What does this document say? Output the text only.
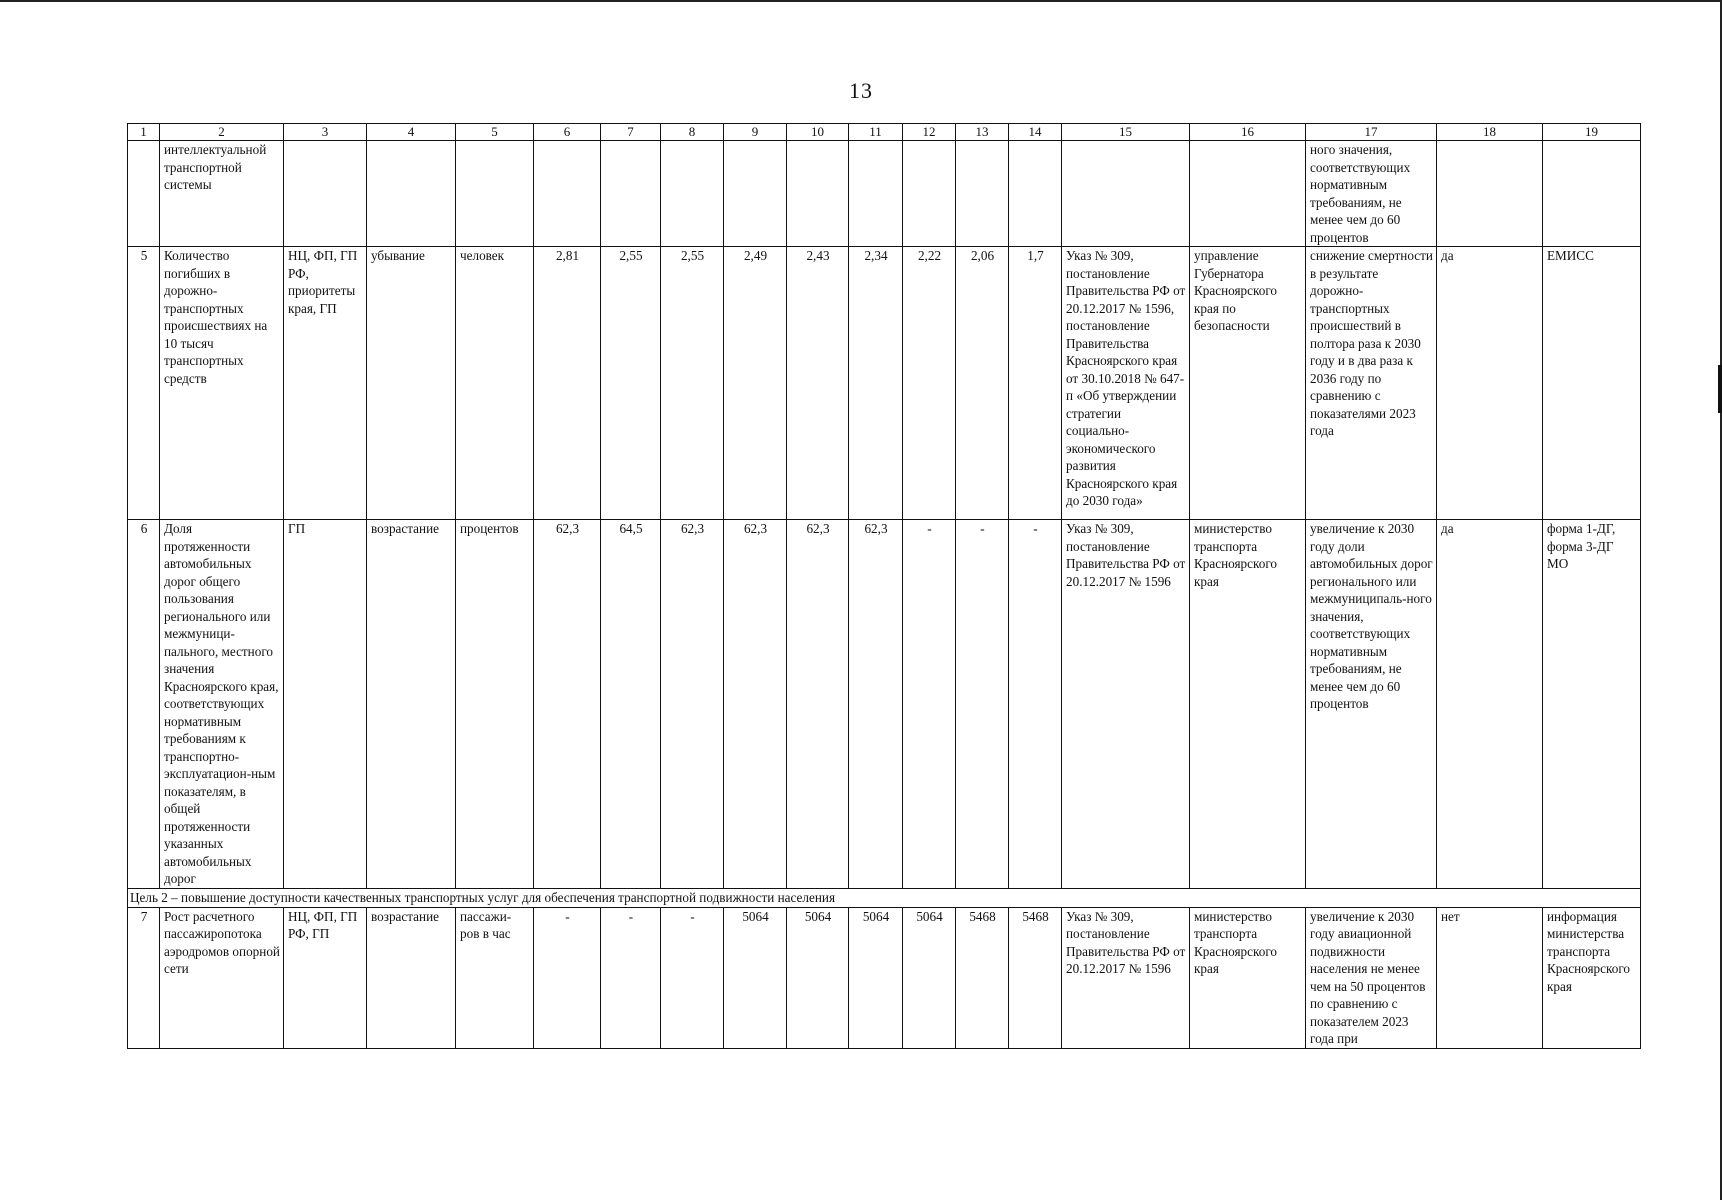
13
1	2	3	4	5	6	7	8	9	10	11	12	13	14	15	16	17	18	19
	интеллектуальной транспортной системы															ного значения, соответствующих нормативным требованиям, не менее чем до 60 процентов		
5	Количество погибших в дорожно-транспортных происшествиях на 10 тысяч транспортных средств	НЦ, ФП, ГП РФ, приоритеты края, ГП	убывание	человек	2,81	2,55	2,55	2,49	2,43	2,34	2,22	2,06	1,7	Указ № 309, постановление Правительства РФ от 20.12.2017 № 1596, постановление Правительства Красноярского края от 30.10.2018 № 647-п «Об утверждении стратегии социально-экономического развития Красноярского края до 2030 года»	управление Губернатора Красноярского края по безопасности	снижение смертности в результате дорожно-транспортных происшествий в полтора раза к 2030 году и в два раза к 2036 году по сравнению с показателями 2023 года	да	ЕМИСС
6	Доля протяженности автомобильных дорог общего пользования регионального или межмуници-пального, местного значения Красноярского края, соответствующих нормативным требованиям к транспортно-эксплуатацион-ным показателям, в общей протяженности указанных автомобильных дорог	ГП	возрастание	процентов	62,3	64,5	62,3	62,3	62,3	62,3	-	-	-	Указ № 309, постановление Правительства РФ от 20.12.2017 № 1596	министерство транспорта Красноярского края	увеличение к 2030 году доли автомобильных дорог регионального или межмуниципаль-ного значения, соответствующих нормативным требованиям, не менее чем до 60 процентов	да	форма 1-ДГ, форма 3-ДГ МО
Цель 2 – повышение доступности качественных транспортных услуг для обеспечения транспортной подвижности населения																		
7	Рост расчетного пассажиропотока аэродромов опорной сети	НЦ, ФП, ГП РФ, ГП	возрастание	пассажи-ров в час	-	-	-	5064	5064	5064	5064	5468	5468	Указ № 309, постановление Правительства РФ от 20.12.2017 № 1596	министерство транспорта Красноярского края	увеличение к 2030 году авиационной подвижности населения не менее чем на 50 процентов по сравнению с показателем 2023 года при	нет	информация министерства транспорта Красноярского края
